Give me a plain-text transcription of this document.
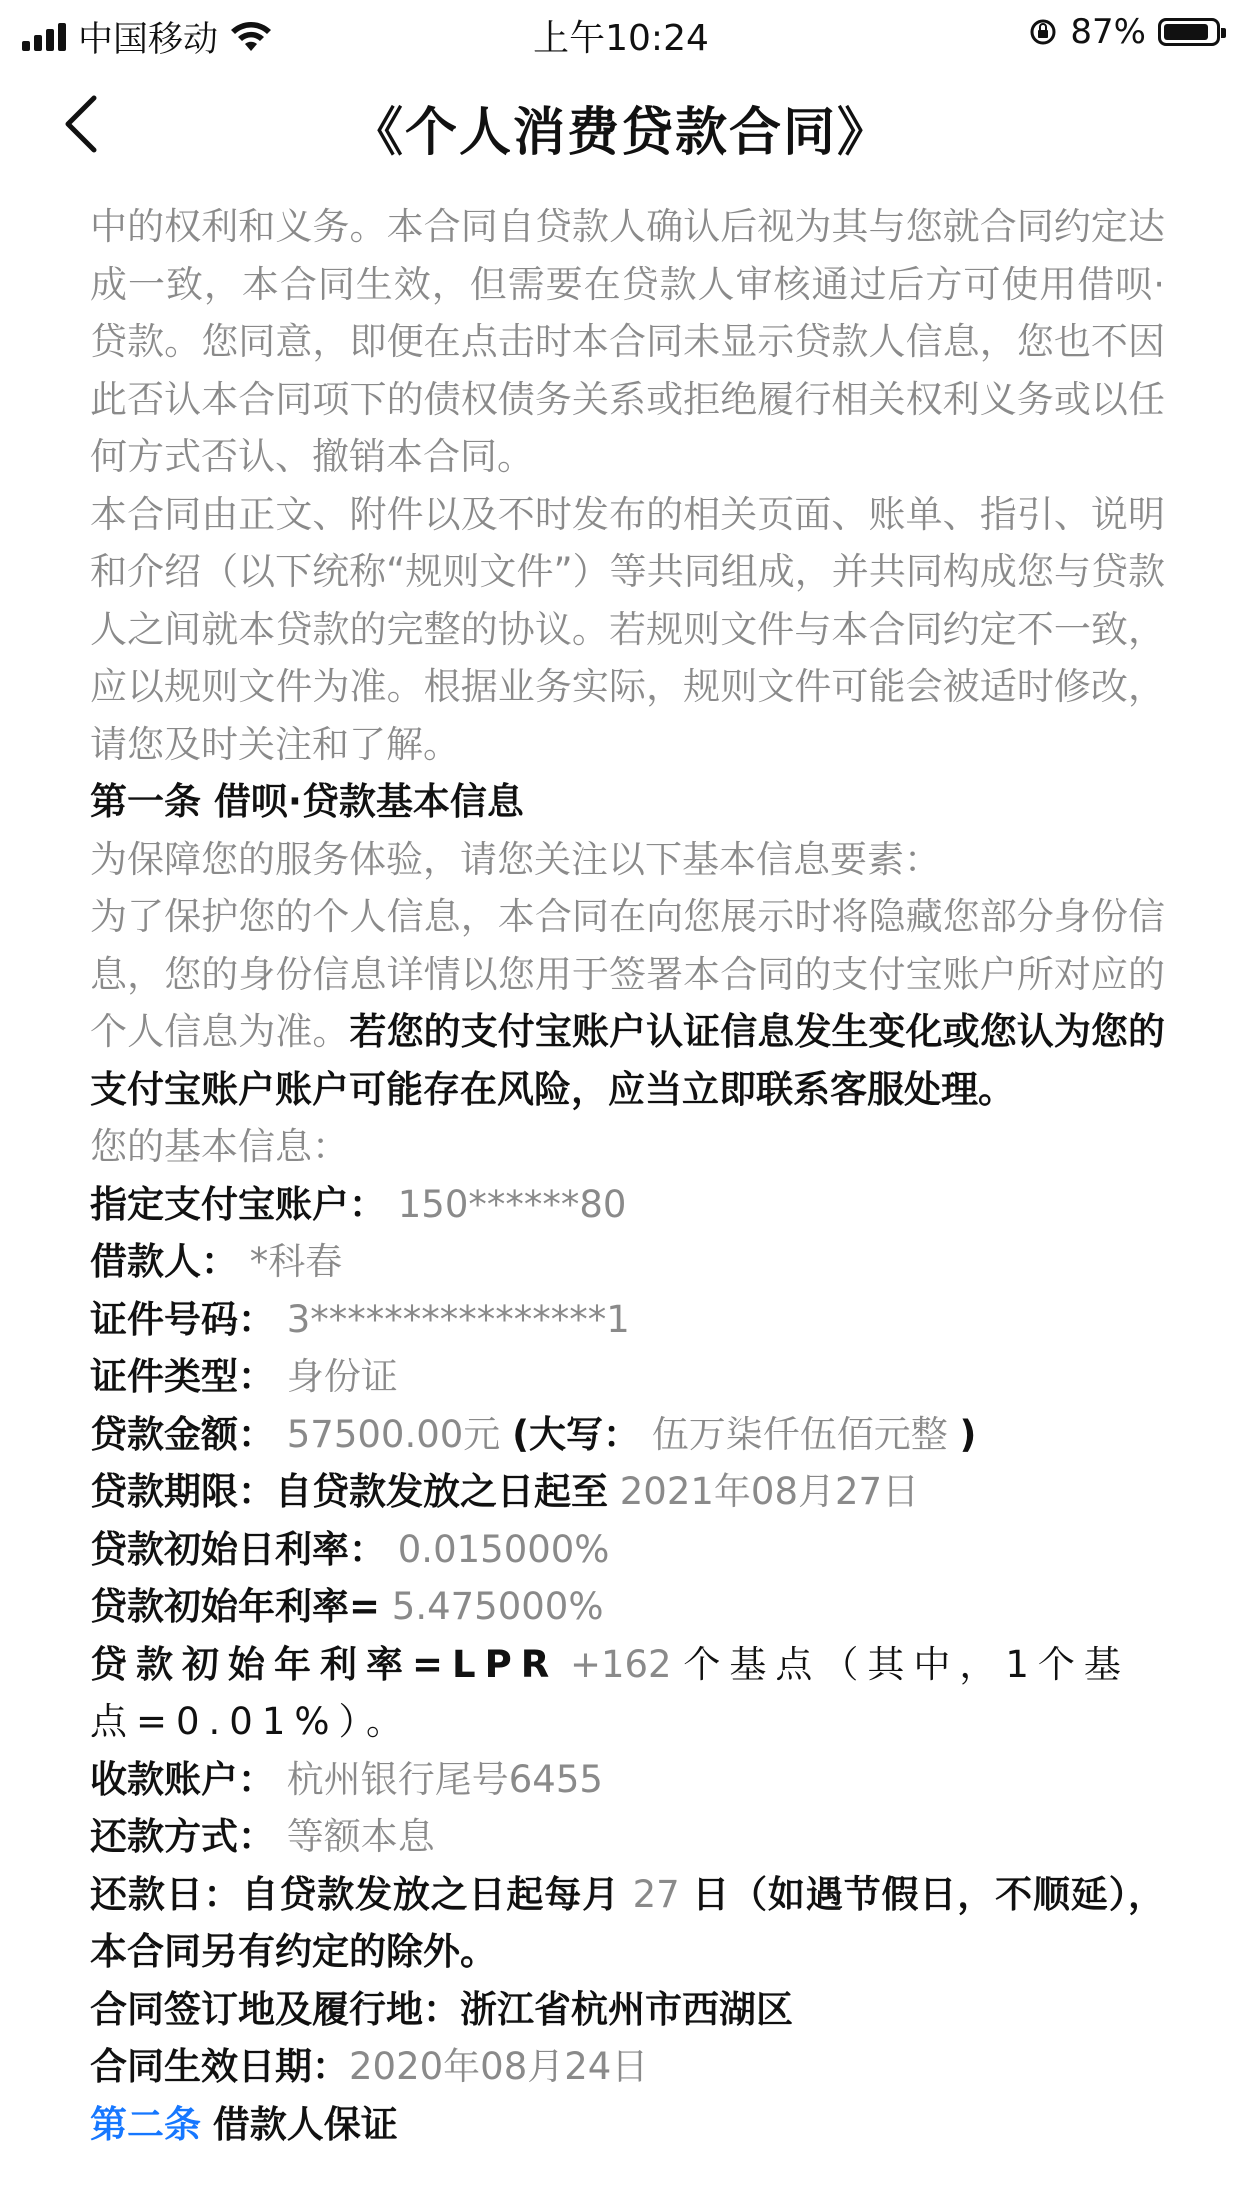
中国移动	上午10:24	87%
《个人消费贷款合同》

中的权利和义务。本合同自贷款人确认后视为其与您就合同约定达成一致，本合同生效，但需要在贷款人审核通过后方可使用借呗·贷款。您同意，即便在点击时本合同未显示贷款人信息，您也不因此否认本合同项下的债权债务关系或拒绝履行相关权利义务或以任何方式否认、撤销本合同。

本合同由正文、附件以及不时发布的相关页面、账单、指引、说明和介绍（以下统称“规则文件”）等共同组成，并共同构成您与贷款人之间就本贷款的完整的协议。若规则文件与本合同约定不一致，应以规则文件为准。根据业务实际，规则文件可能会被适时修改，请您及时关注和了解。

第一条 借呗·贷款基本信息

为保障您的服务体验，请您关注以下基本信息要素：

为了保护您的个人信息，本合同在向您展示时将隐藏您部分身份信息，您的身份信息详情以您用于签署本合同的支付宝账户所对应的个人信息为准。若您的支付宝账户认证信息发生变化或您认为您的支付宝账户账户可能存在风险，应当立即联系客服处理。

您的基本信息：

指定支付宝账户： 150******80

借款人： *科春

证件号码： 3****************1

证件类型： 身份证

贷款金额： 57500.00元 (大写： 伍万柒仟伍佰元整 )

贷款期限：自贷款发放之日起至 2021年08月27日

贷款初始日利率： 0.015000%

贷款初始年利率= 5.475000%

贷款初始年利率=LPR +162 个基点（其中，1个基点=0.01%）。

收款账户： 杭州银行尾号6455

还款方式： 等额本息

还款日：自贷款发放之日起每月 27 日（如遇节假日，不顺延），本合同另有约定的除外。

合同签订地及履行地：浙江省杭州市西湖区

合同生效日期：2020年08月24日

第二条 借款人保证
